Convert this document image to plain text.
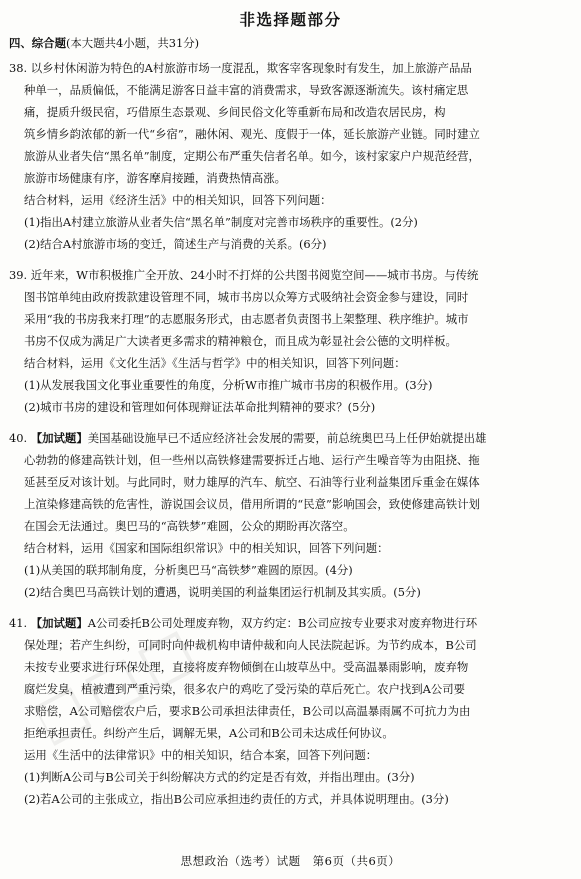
非选择题部分
四、综合题(本大题共4小题，共31分)
38. 以乡村休闲游为特色的A村旅游市场一度混乱，欺客宰客现象时有发生，加上旅游产品品
种单一，品质偏低，不能满足游客日益丰富的消费需求，导致客源逐渐流失。该村痛定思
痛，提质升级民宿，巧借原生态景观、乡间民俗文化等重新布局和改造农居民房，构
筑乡情乡韵浓郁的新一代“乡宿”，融休闲、观光、度假于一体，延长旅游产业链。同时建立
旅游从业者失信“黑名单”制度，定期公布严重失信者名单。如今，该村家家户户规范经营，
旅游市场健康有序，游客摩肩接踵，消费热情高涨。
结合材料，运用《经济生活》中的相关知识，回答下列问题：
(1)指出A村建立旅游从业者失信“黑名单”制度对完善市场秩序的重要性。(2分)
(2)结合A村旅游市场的变迁，简述生产与消费的关系。(6分)
39. 近年来，W市积极推广全开放、24小时不打烊的公共图书阅览空间——城市书房。与传统
图书馆单纯由政府拨款建设管理不同，城市书房以众筹方式吸纳社会资金参与建设，同时
采用“我的书房我来打理”的志愿服务形式，由志愿者负责图书上架整理、秩序维护。城市
书房不仅成为满足广大读者更多需求的精神粮仓，而且成为彰显社会公德的文明样板。
结合材料，运用《文化生活》《生活与哲学》中的相关知识，回答下列问题：
(1)从发展我国文化事业重要性的角度，分析W市推广城市书房的积极作用。(3分)
(2)城市书房的建设和管理如何体现辩证法革命批判精神的要求？(5分)
40. 【加试题】美国基础设施早已不适应经济社会发展的需要，前总统奥巴马上任伊始就提出雄
心勃勃的修建高铁计划，但一些州以高铁修建需要拆迁占地、运行产生噪音等为由阻挠、拖
延甚至反对该计划。与此同时，财力雄厚的汽车、航空、石油等行业利益集团斥重金在媒体
上渲染修建高铁的危害性，游说国会议员，借用所谓的“民意”影响国会，致使修建高铁计划
在国会无法通过。奥巴马的“高铁梦”难圆，公众的期盼再次落空。
结合材料，运用《国家和国际组织常识》中的相关知识，回答下列问题：
(1)从美国的联邦制角度，分析奥巴马“高铁梦”难圆的原因。(4分)
(2)结合奥巴马高铁计划的遭遇，说明美国的利益集团运行机制及其实质。(5分)
41. 【加试题】A公司委托B公司处理废弃物，双方约定：B公司应按专业要求对废弃物进行环
保处理；若产生纠纷，可同时向仲裁机构申请仲裁和向人民法院起诉。为节约成本，B公司
未按专业要求进行环保处理，直接将废弃物倾倒在山坡草丛中。受高温暴雨影响，废弃物
腐烂发臭，植被遭到严重污染，很多农户的鸡吃了受污染的草后死亡。农户找到A公司要
求赔偿，A公司赔偿农户后，要求B公司承担法律责任，B公司以高温暴雨属不可抗力为由
拒绝承担责任。纠纷产生后，调解无果，A公司和B公司未达成任何协议。
运用《生活中的法律常识》中的相关知识，结合本案，回答下列问题：
(1)判断A公司与B公司关于纠纷解决方式的约定是否有效，并指出理由。(3分)
(2)若A公司的主张成立，指出B公司应承担违约责任的方式，并具体说明理由。(3分)
思想政治（选考）试题　第6页（共6页）
